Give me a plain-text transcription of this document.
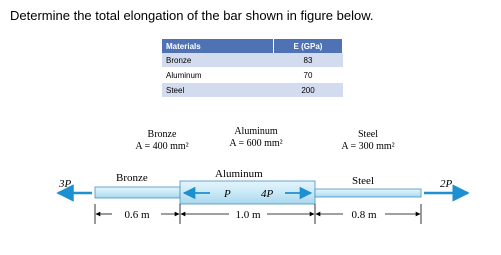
Determine the total elongation of the bar shown in figure below.
Materials	E (GPa)
Bronze	83
Aluminum	70
Steel	200
Bronze
A = 400 mm²
Aluminum
A = 600 mm²
Steel
A = 300 mm²
Bronze	Aluminum
Steel
3P	2P
P	4P
0.6 m	1.0 m	0.8 m
